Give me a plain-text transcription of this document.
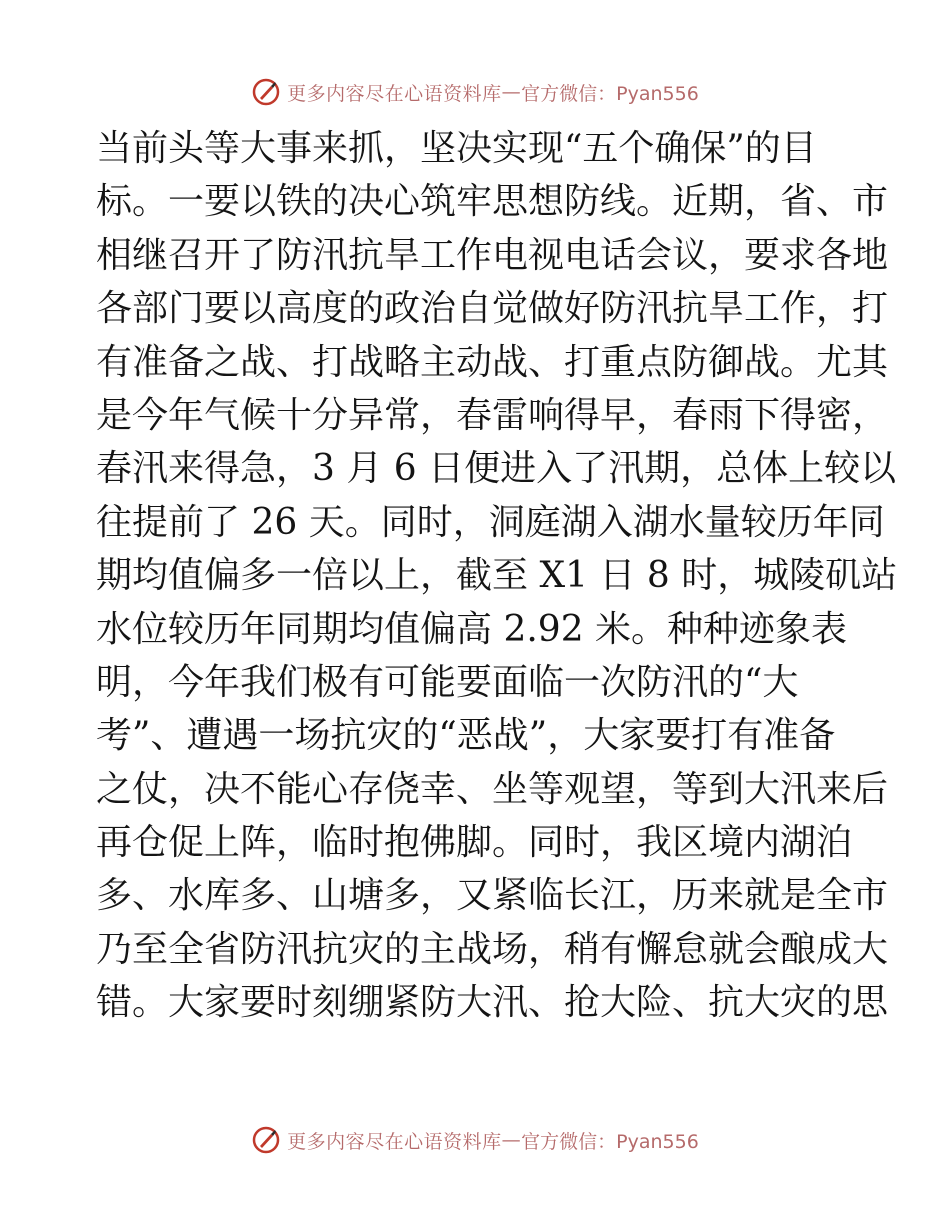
更多内容尽在心语资料库 — 官方微信：Pyan556
当前头等大事来抓，坚决实现“五个确保”的目
标。一要以铁的决心筑牢思想防线。近期，省、市
相继召开了防汛抗旱工作电视电话会议，要求各地
各部门要以高度的政治自觉做好防汛抗旱工作，打
有准备之战、打战略主动战、打重点防御战。尤其
是今年气候十分异常，春雷响得早，春雨下得密，
春汛来得急，3 月 6 日便进入了汛期，总体上较以
往提前了 26 天。同时，洞庭湖入湖水量较历年同
期均值偏多一倍以上，截至 X1 日 8 时，城陵矶站
水位较历年同期均值偏高 2.92 米。种种迹象表
明，今年我们极有可能要面临一次防汛的“大
考”、遭遇一场抗灾的“恶战”，大家要打有准备
之仗，决不能心存侥幸、坐等观望，等到大汛来后
再仓促上阵，临时抱佛脚。同时，我区境内湖泊
多、水库多、山塘多，又紧临长江，历来就是全市
乃至全省防汛抗灾的主战场，稍有懈怠就会酿成大
错。大家要时刻绷紧防大汛、抢大险、抗大灾的思
更多内容尽在心语资料库 — 官方微信：Pyan556
